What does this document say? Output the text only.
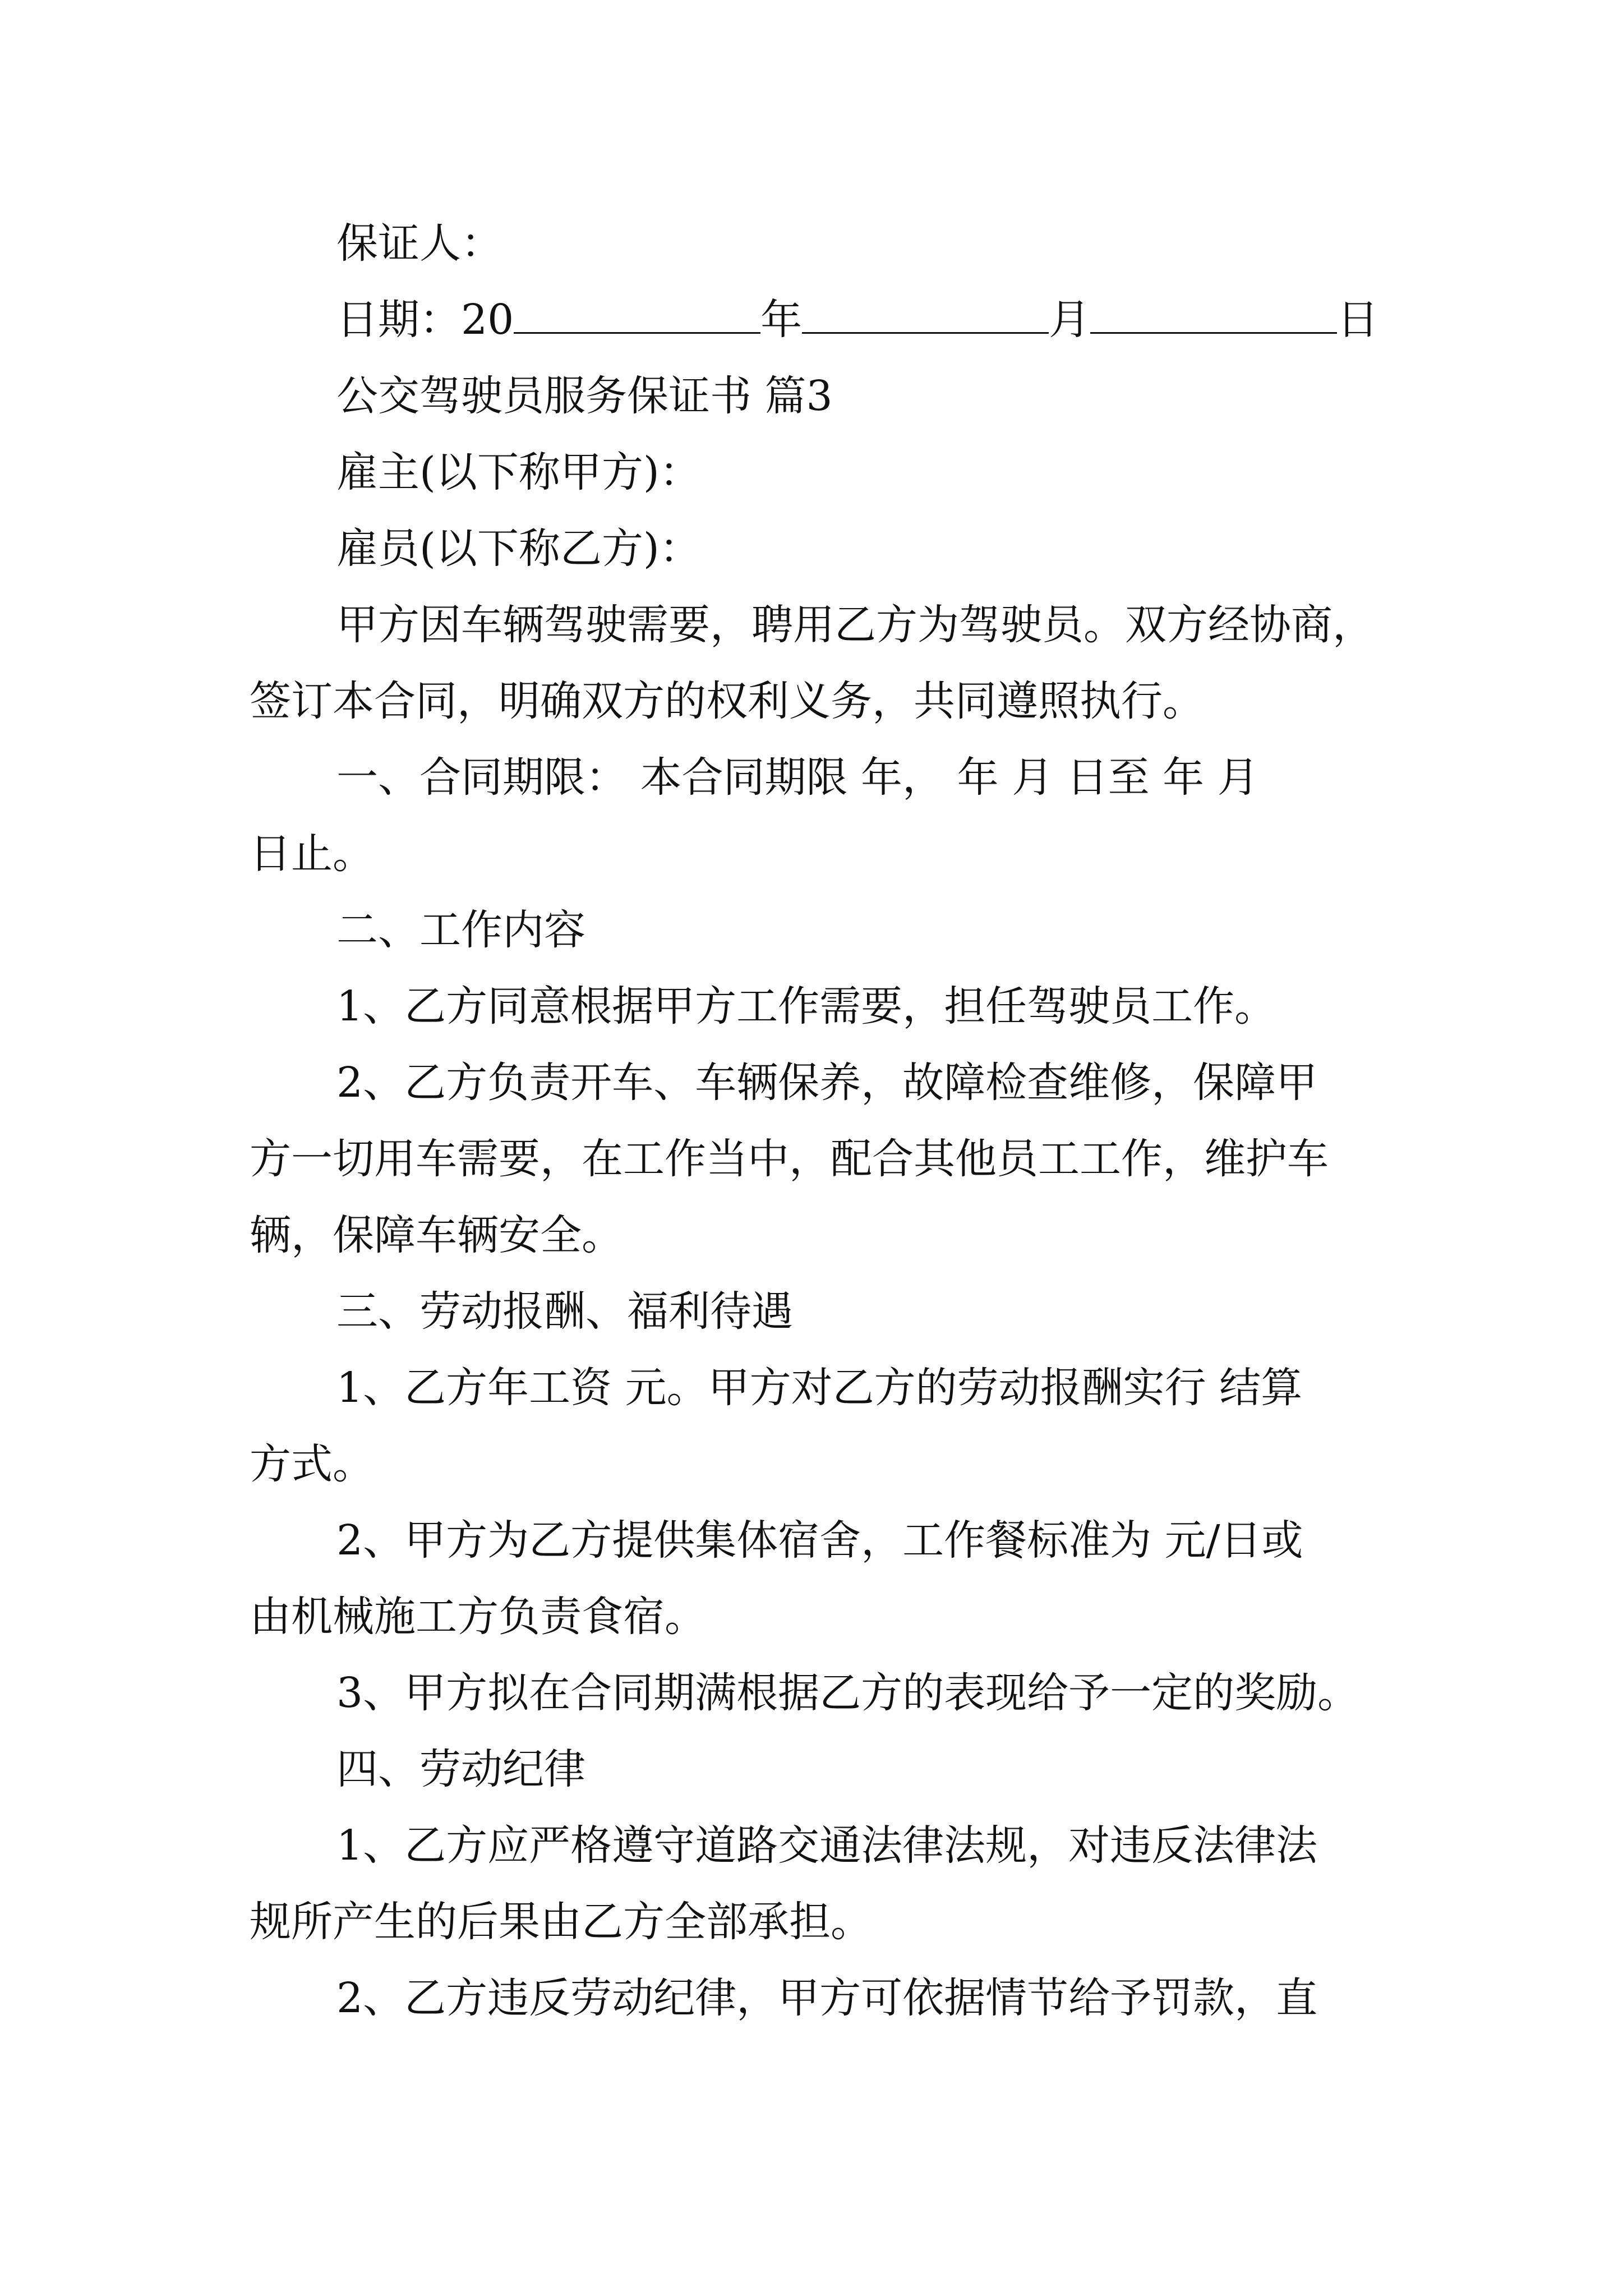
保证人：
日期：20	年	月	日
公交驾驶员服务保证书 篇3
雇主(以下称甲方)：
雇员(以下称乙方)：
甲方因车辆驾驶需要，聘用乙方为驾驶员。双方经协商，
签订本合同，明确双方的权利义务，共同遵照执行。
一、合同期限： 本合同期限 年， 年 月 日至 年 月
日止。
二、工作内容
1、乙方同意根据甲方工作需要，担任驾驶员工作。
2、乙方负责开车、车辆保养，故障检查维修，保障甲
方一切用车需要，在工作当中，配合其他员工工作，维护车
辆，保障车辆安全。
三、劳动报酬、福利待遇
1、乙方年工资 元。甲方对乙方的劳动报酬实行 结算
方式。
2、甲方为乙方提供集体宿舍，工作餐标准为 元/日或
由机械施工方负责食宿。
3、甲方拟在合同期满根据乙方的表现给予一定的奖励。
四、劳动纪律
1、乙方应严格遵守道路交通法律法规，对违反法律法
规所产生的后果由乙方全部承担。
2、乙方违反劳动纪律，甲方可依据情节给予罚款，直
